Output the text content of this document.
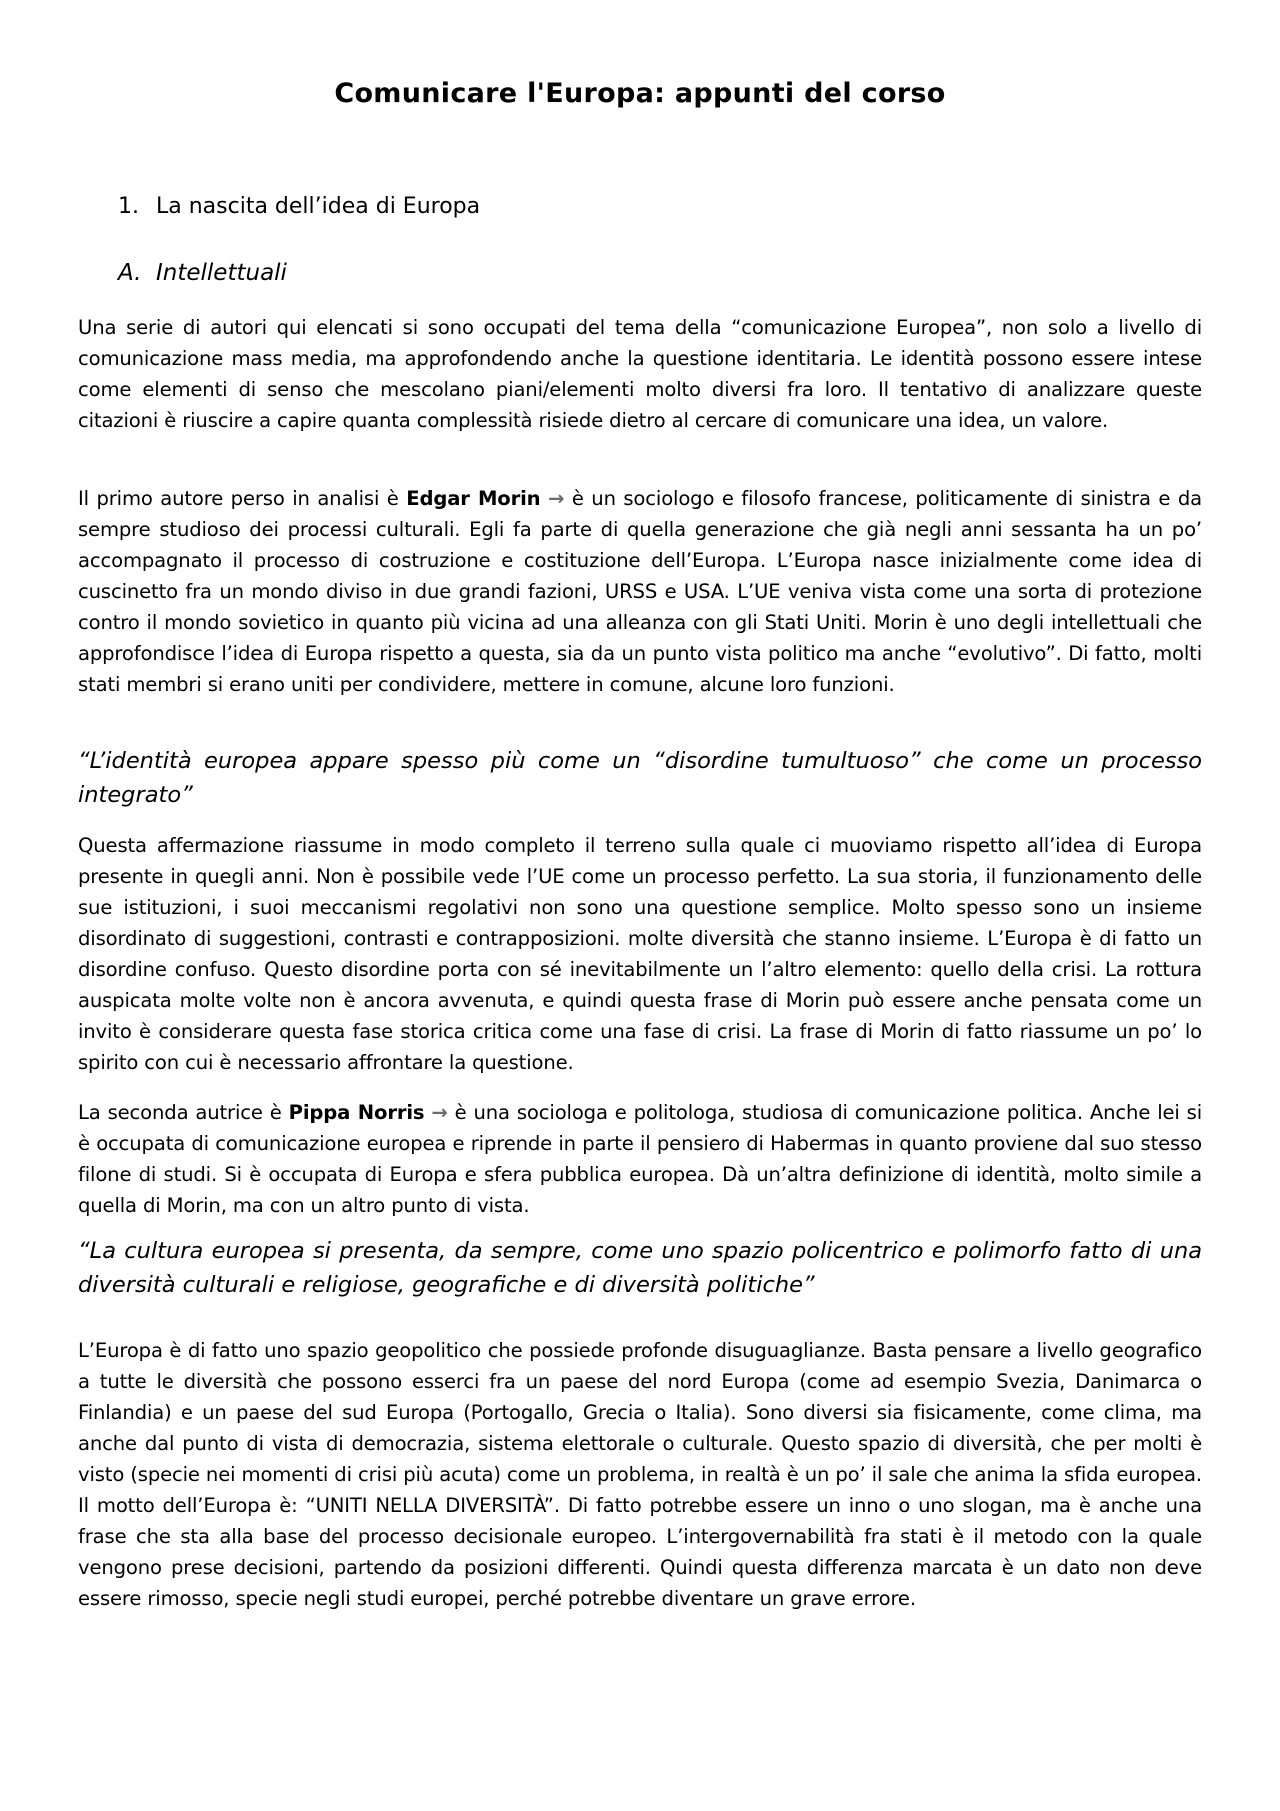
Comunicare l'Europa: appunti del corso

1. La nascita dell’idea di Europa

A. Intellettuali

Una serie di autori qui elencati si sono occupati del tema della “comunicazione Europea”, non solo a livello di comunicazione mass media, ma approfondendo anche la questione identitaria. Le identità possono essere intese come elementi di senso che mescolano piani/elementi molto diversi fra loro. Il tentativo di analizzare queste citazioni è riuscire a capire quanta complessità risiede dietro al cercare di comunicare una idea, un valore.

Il primo autore perso in analisi è Edgar Morin → è un sociologo e filosofo francese, politicamente di sinistra e da sempre studioso dei processi culturali. Egli fa parte di quella generazione che già negli anni sessanta ha un po’ accompagnato il processo di costruzione e costituzione dell’Europa. L’Europa nasce inizialmente come idea di cuscinetto fra un mondo diviso in due grandi fazioni, URSS e USA. L’UE veniva vista come una sorta di protezione contro il mondo sovietico in quanto più vicina ad una alleanza con gli Stati Uniti. Morin è uno degli intellettuali che approfondisce l’idea di Europa rispetto a questa, sia da un punto vista politico ma anche “evolutivo”. Di fatto, molti stati membri si erano uniti per condividere, mettere in comune, alcune loro funzioni.

“L’identità europea appare spesso più come un “disordine tumultuoso” che come un processo integrato”

Questa affermazione riassume in modo completo il terreno sulla quale ci muoviamo rispetto all’idea di Europa presente in quegli anni. Non è possibile vede l’UE come un processo perfetto. La sua storia, il funzionamento delle sue istituzioni, i suoi meccanismi regolativi non sono una questione semplice. Molto spesso sono un insieme disordinato di suggestioni, contrasti e contrapposizioni. molte diversità che stanno insieme. L’Europa è di fatto un disordine confuso. Questo disordine porta con sé inevitabilmente un l’altro elemento: quello della crisi. La rottura auspicata molte volte non è ancora avvenuta, e quindi questa frase di Morin può essere anche pensata come un invito è considerare questa fase storica critica come una fase di crisi. La frase di Morin di fatto riassume un po’ lo spirito con cui è necessario affrontare la questione.

La seconda autrice è Pippa Norris → è una sociologa e politologa, studiosa di comunicazione politica. Anche lei si è occupata di comunicazione europea e riprende in parte il pensiero di Habermas in quanto proviene dal suo stesso filone di studi. Si è occupata di Europa e sfera pubblica europea. Dà un’altra definizione di identità, molto simile a quella di Morin, ma con un altro punto di vista.

“La cultura europea si presenta, da sempre, come uno spazio policentrico e polimorfo fatto di una diversità culturali e religiose, geografiche e di diversità politiche”

L’Europa è di fatto uno spazio geopolitico che possiede profonde disuguaglianze. Basta pensare a livello geografico a tutte le diversità che possono esserci fra un paese del nord Europa (come ad esempio Svezia, Danimarca o Finlandia) e un paese del sud Europa (Portogallo, Grecia o Italia). Sono diversi sia fisicamente, come clima, ma anche dal punto di vista di democrazia, sistema elettorale o culturale. Questo spazio di diversità, che per molti è visto (specie nei momenti di crisi più acuta) come un problema, in realtà è un po’ il sale che anima la sfida europea. Il motto dell’Europa è: “UNITI NELLA DIVERSITÀ”. Di fatto potrebbe essere un inno o uno slogan, ma è anche una frase che sta alla base del processo decisionale europeo. L’intergovernabilità fra stati è il metodo con la quale vengono prese decisioni, partendo da posizioni differenti. Quindi questa differenza marcata è un dato non deve essere rimosso, specie negli studi europei, perché potrebbe diventare un grave errore.
